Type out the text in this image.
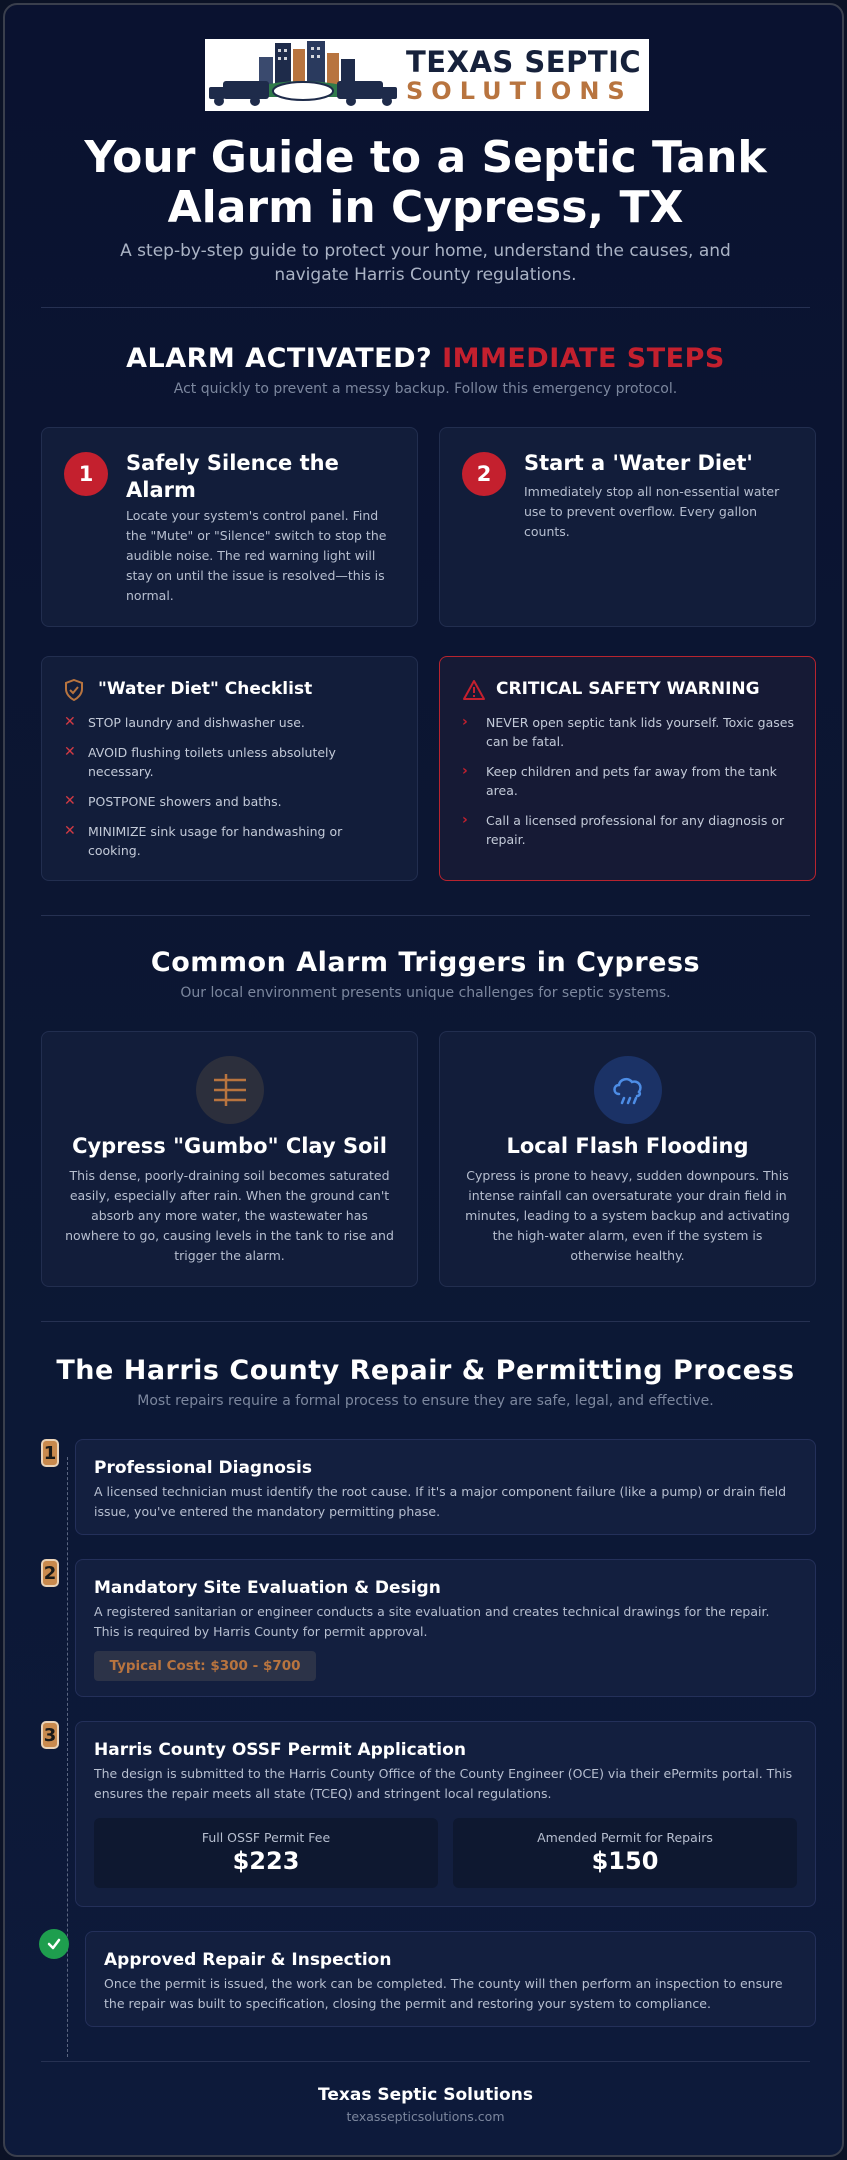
TEXAS SEPTIC
SOLUTIONS
Your Guide to a Septic Tank
Alarm in Cypress, TX
A step-by-step guide to protect your home, understand the causes, and navigate Harris County regulations.
ALARM ACTIVATED? IMMEDIATE STEPS
Act quickly to prevent a messy backup. Follow this emergency protocol.
1	Safely Silence the Alarm
Locate your system's control panel. Find the "Mute" or "Silence" switch to stop the audible noise. The red warning light will stay on until the issue is resolved—this is normal.
2	Start a 'Water Diet'
Immediately stop all non-essential water use to prevent overflow. Every gallon counts.
"Water Diet" Checklist
✕ STOP laundry and dishwasher use.
✕ AVOID flushing toilets unless absolutely necessary.
✕ POSTPONE showers and baths.
✕ MINIMIZE sink usage for handwashing or cooking.
CRITICAL SAFETY WARNING
›	NEVER open septic tank lids yourself. Toxic gases can be fatal.
›	Keep children and pets far away from the tank area.
›	Call a licensed professional for any diagnosis or repair.
Common Alarm Triggers in Cypress
Our local environment presents unique challenges for septic systems.
Cypress "Gumbo" Clay Soil
This dense, poorly-draining soil becomes saturated easily, especially after rain. When the ground can't absorb any more water, the wastewater has nowhere to go, causing levels in the tank to rise and trigger the alarm.
Local Flash Flooding
Cypress is prone to heavy, sudden downpours. This intense rainfall can oversaturate your drain field in minutes, leading to a system backup and activating the high-water alarm, even if the system is otherwise healthy.
The Harris County Repair & Permitting Process
Most repairs require a formal process to ensure they are safe, legal, and effective.
1
Professional Diagnosis
A licensed technician must identify the root cause. If it's a major component failure (like a pump) or drain field issue, you've entered the mandatory permitting phase.
2
Mandatory Site Evaluation & Design
A registered sanitarian or engineer conducts a site evaluation and creates technical drawings for the repair. This is required by Harris County for permit approval.
Typical Cost: $300 - $700
3
Harris County OSSF Permit Application
The design is submitted to the Harris County Office of the County Engineer (OCE) via their ePermits portal. This ensures the repair meets all state (TCEQ) and stringent local regulations.
Full OSSF Permit Fee
$223
Amended Permit for Repairs
$150
Approved Repair & Inspection
Once the permit is issued, the work can be completed. The county will then perform an inspection to ensure the repair was built to specification, closing the permit and restoring your system to compliance.
Texas Septic Solutions
texassepticsolutions.com
